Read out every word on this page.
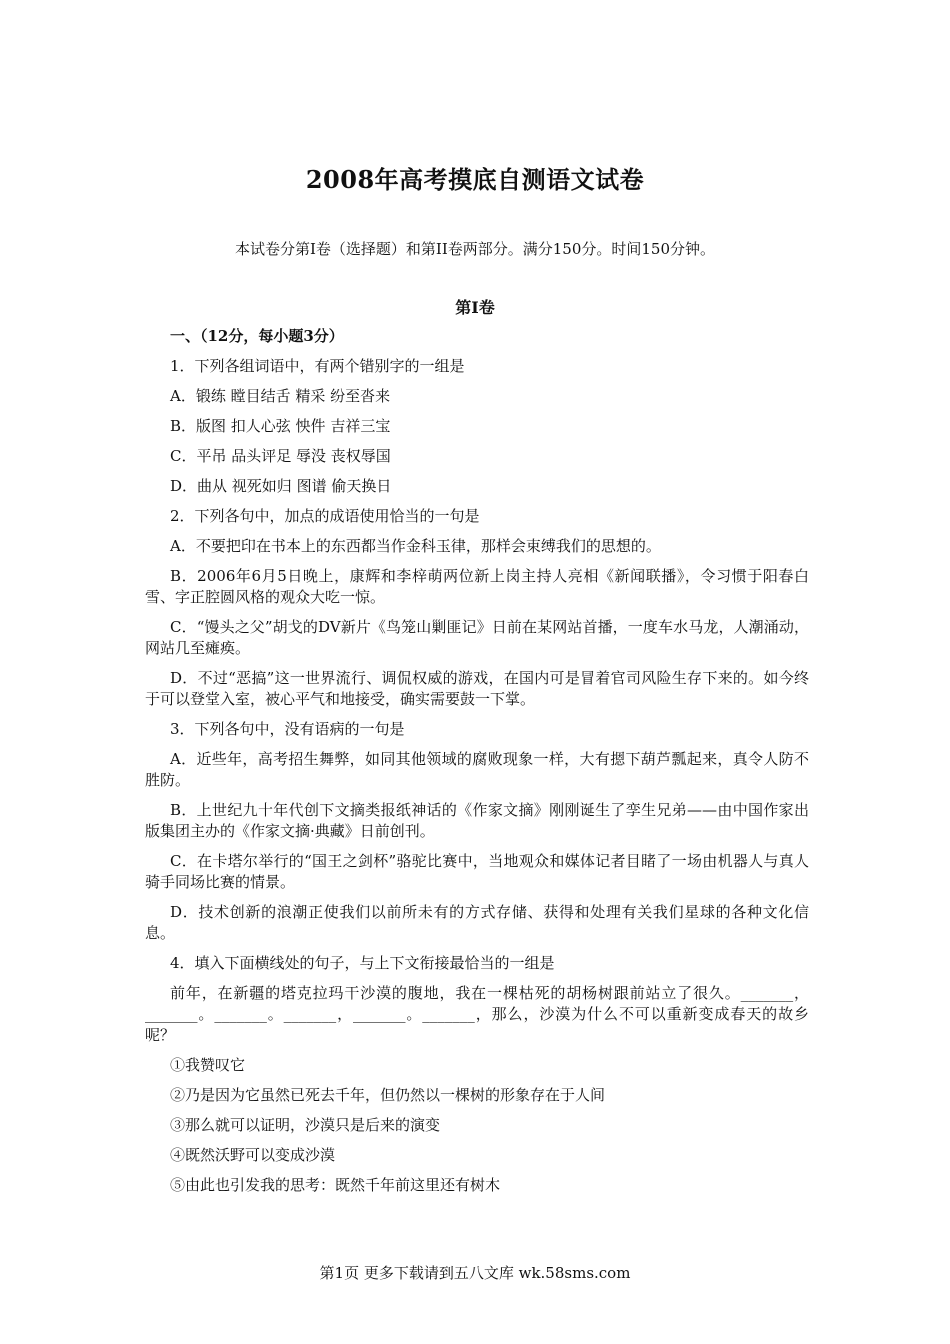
2008年高考摸底自测语文试卷
本试卷分第I卷（选择题）和第II卷两部分。满分150分。时间150分钟。
第I卷
一、（12分，每小题3分）
1．下列各组词语中，有两个错别字的一组是
A．锻练 瞠目结舌 精采 纷至沓来
B．版图 扣人心弦 怏件 吉祥三宝
C．平吊 品头评足 辱没 丧权辱国
D．曲从 视死如归 图谱 偷天换日
2．下列各句中，加点的成语使用恰当的一句是
A．不要把印在书本上的东西都当作金科玉律，那样会束缚我们的思想的。
B．2006年6月5日晚上，康辉和李梓萌两位新上岗主持人亮相《新闻联播》，令习惯于阳春白雪、字正腔圆风格的观众大吃一惊。
C．“馒头之父”胡戈的DV新片《鸟笼山剿匪记》日前在某网站首播，一度车水马龙，人潮涌动，网站几至瘫痪。
D．不过“恶搞”这一世界流行、调侃权威的游戏，在国内可是冒着官司风险生存下来的。如今终于可以登堂入室，被心平气和地接受，确实需要鼓一下掌。
3．下列各句中，没有语病的一句是
A．近些年，高考招生舞弊，如同其他领域的腐败现象一样，大有摁下葫芦瓢起来，真令人防不胜防。
B．上世纪九十年代创下文摘类报纸神话的《作家文摘》刚刚诞生了孪生兄弟——由中国作家出版集团主办的《作家文摘·典藏》日前创刊。
C．在卡塔尔举行的“国王之剑杯”骆驼比赛中，当地观众和媒体记者目睹了一场由机器人与真人骑手同场比赛的情景。
D．技术创新的浪潮正使我们以前所未有的方式存储、获得和处理有关我们星球的各种文化信息。
4．填入下面横线处的句子，与上下文衔接最恰当的一组是
前年，在新疆的塔克拉玛干沙漠的腹地，我在一棵枯死的胡杨树跟前站立了很久。_______，_______。_______。_______，_______。_______，那么，沙漠为什么不可以重新变成春天的故乡呢？
①我赞叹它
②乃是因为它虽然已死去千年，但仍然以一棵树的形象存在于人间
③那么就可以证明，沙漠只是后来的演变
④既然沃野可以变成沙漠
⑤由此也引发我的思考：既然千年前这里还有树木
第1页 更多下载请到五八文库 wk.58sms.com
